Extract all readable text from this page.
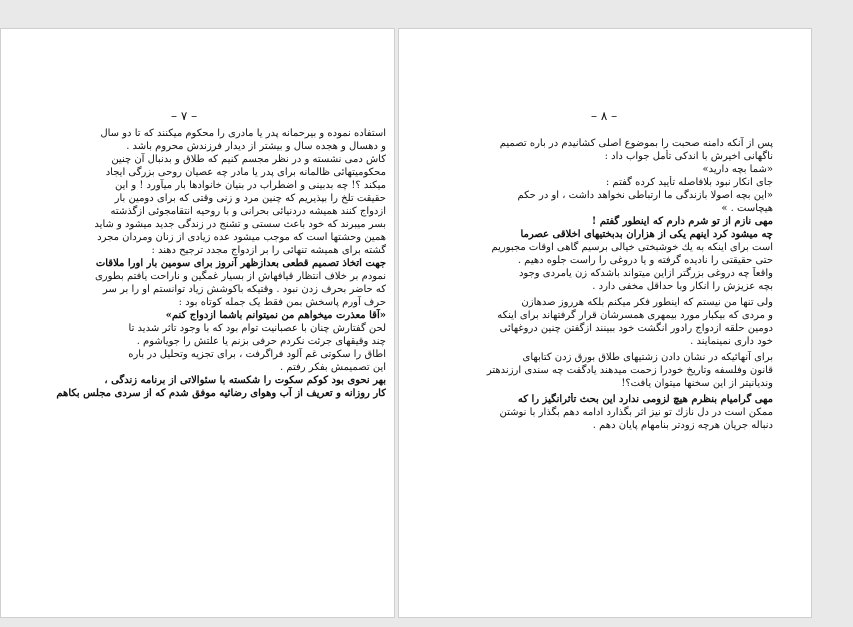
– ٧ –
استفاده نموده و بیرحمانه پدر یا مادری را محکوم میکنند که تا دو سال
و دهسال و هجده سال و بیشتر از دیدار فرزندش محروم باشد .
کاش دمی نشسته و در نظر مجسم کنیم که طلاق و بدنبال آن چنین
محکومیتهائی ظالمانه برای پدر یا مادر چه عصیان روحی بزرگی ایجاد
میکند ؟! چه بدبینی و اضطراب در بنیان خانوادها بار میآورد ! و این
حقیقت تلخ را بپذیریم که چنین مرد و زنی وقتی که برای دومین بار
ازدواج کنند همیشه دردنیائی بحرانی و با روحیه انتقامجوئی ازگذشته
بسر میبرند که خود باعث سستی و تشنج در زندگی جدید میشود و شاید
همین وحشتها است که موجب میشود عده زیادی از زنان ومردان مجرد
گشته برای همیشه تنهائی را بر ازدواج مجدد ترجیح دهند :
جهت اتخاذ تصمیم قطعی بعدازظهر آنروز برای سومین بار اورا ملاقات
نمودم بر خلاف انتظار قیافهاش از بسیار غمگین و ناراحت یافتم بطوری
که حاضر بحرف زدن نبود . وقتیکه باکوشش زیاد توانستم او را بر سر
حرف آورم پاسخش بمن فقط یک جمله کوتاه بود :
«آقا معذرت میخواهم من نمیتوانم باشما ازدواج کنم»
لحن گفتارش چنان با عصبانیت توام بود که با وجود تاثر شدید تا
چند وقیقهای جرئت نکردم حرفی بزنم یا علتش را جویاشوم .
اطاق را سکوتی غم آلود فراگرفت ، برای تجزیه وتحلیل در باره
این تصمیمش بفکر رفتم .
بهر نحوی بود کوکم سکوت را شکسته با سئوالاتی از برنامه زندگی ،
کار روزانه و تعریف از آب وهوای رضائیه موفق شدم که از سردی مجلس بکاهم
– ٨ –
پس از آنکه دامنه صحبت را بموضوع اصلی کشانیدم در باره تصمیم
ناگهانی اخیرش با اندکی تأمل جواب داد :
«شما بچه دارید»
جای انکار نبود بلافاصله تأیید کرده گفتم :
«این بچه اصولا بازندگی ما ارتباطی نخواهد داشت ، او در حکم
هیچاست . »
مهی نازم از تو شرم دارم که اینطور گفتم !
چه میشود کرد اینهم یکی از هزاران بدبختیهای اخلاقی عصرما
است برای اینکه به یك خوشبختی خیالی برسیم گاهی اوقات مجبوریم
حتی حقیقتی را نادیده گرفته و یا دروغی را راست جلوه دهیم .
واقعاً چه دروغی بزرگتر ازاین میتواند باشدکه زن یامردی وجود
بچه عزیزش را انکار وبا حداقل مخفی دارد .
ولی تنها من نیستم که اینطور فکر میکنم بلکه هرروز صدهازن
و مردی که بیکبار مورد بیمهری همسرشان قرار گرفتهاند برای اینکه
دومین حلقه ازدواج رادور انگشت خود ببینند ازگفتن چنین دروغهائی
خود داری نمینمایند .
برای آنهائیکه در نشان دادن زشتیهای طلاق بورق زدن کتابهای
قانون وفلسفه وتاریخ خودرا زحمت میدهند یادگفت چه سندی ارزندهتر
وندیانیتر از این سخنها میتوان یافت؟!
مهی گرامیام بنظرم هیچ لزومی ندارد این بحث تأثرانگیز را که
ممکن است در دل نازك تو نیز اثر بگذارد ادامه دهم بگذار با نوشتن
دنباله جریان هرچه زودتر بنامهام پایان دهم .
